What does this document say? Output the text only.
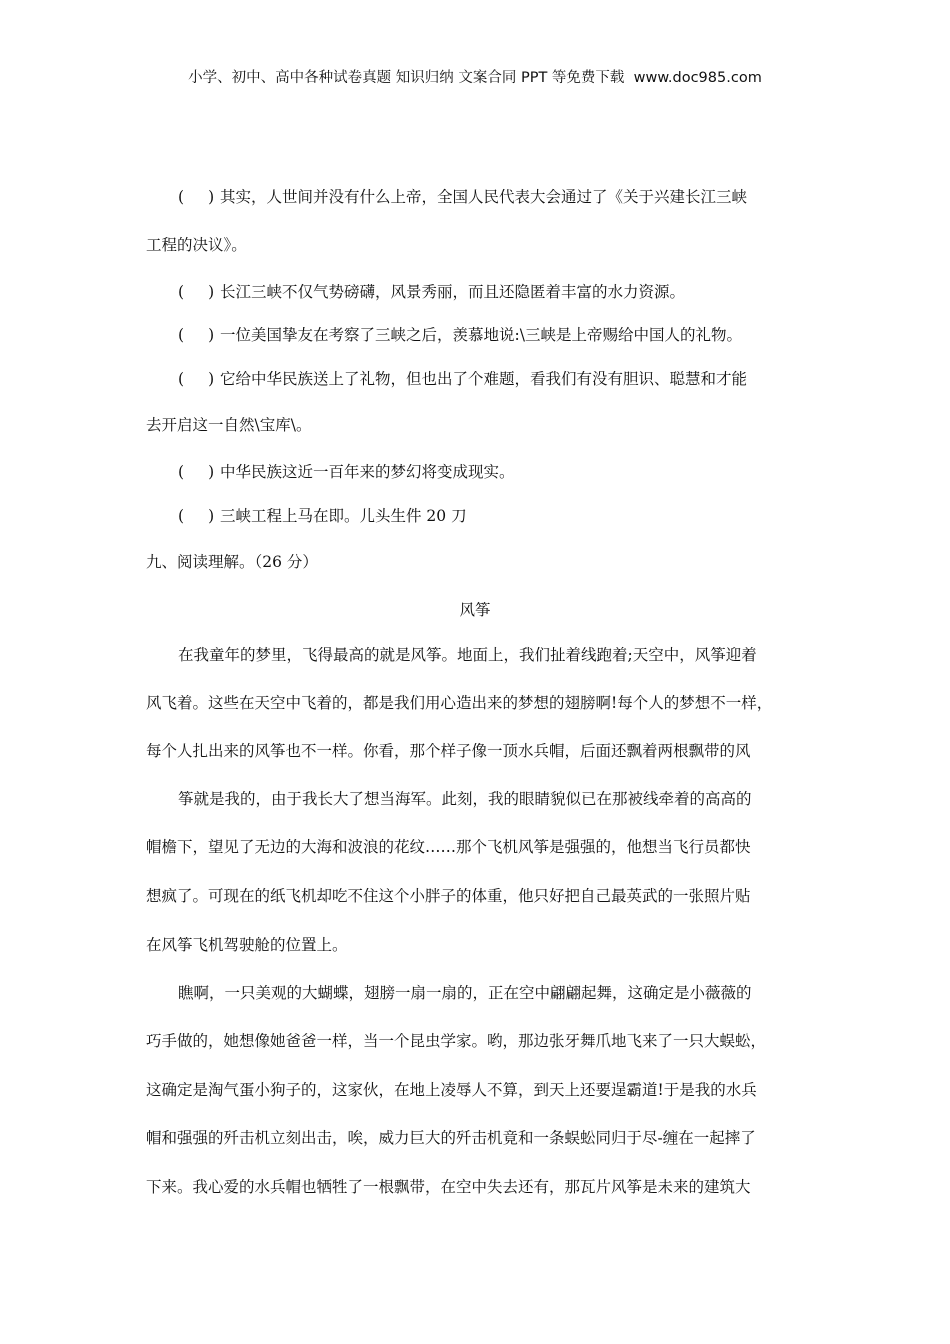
小学、初中、高中各种试卷真题 知识归纳 文案合同 PPT 等免费下载 www.doc985.com
( ) 其实，人世间并没有什么上帝，全国人民代表大会通过了《关于兴建长江三峡
工程的决议》。
( ) 长江三峡不仅气势磅礴，风景秀丽，而且还隐匿着丰富的水力资源。
( ) 一位美国挚友在考察了三峡之后，羡慕地说:\三峡是上帝赐给中国人的礼物。
( ) 它给中华民族送上了礼物，但也出了个难题，看我们有没有胆识、聪慧和才能
去开启这一自然\宝库\。
( ) 中华民族这近一百年来的梦幻将变成现实。
( ) 三峡工程上马在即。儿头生件 20 刀
九、阅读理解。（26 分）
风筝
在我童年的梦里，飞得最高的就是风筝。地面上，我们扯着线跑着;天空中，风筝迎着
风飞着。这些在天空中飞着的，都是我们用心造出来的梦想的翅膀啊!每个人的梦想不一样，
每个人扎出来的风筝也不一样。你看，那个样子像一顶水兵帽，后面还飘着两根飘带的风
筝就是我的，由于我长大了想当海军。此刻，我的眼睛貌似已在那被线牵着的高高的
帽檐下，望见了无边的大海和波浪的花纹……那个飞机风筝是强强的，他想当飞行员都快
想疯了。可现在的纸飞机却吃不住这个小胖子的体重，他只好把自己最英武的一张照片贴
在风筝飞机驾驶舱的位置上。
瞧啊，一只美观的大蝴蝶，翅膀一扇一扇的，正在空中翩翩起舞，这确定是小薇薇的
巧手做的，她想像她爸爸一样，当一个昆虫学家。哟，那边张牙舞爪地飞来了一只大蜈蚣，
这确定是淘气蛋小狗子的，这家伙，在地上凌辱人不算，到天上还要逞霸道!于是我的水兵
帽和强强的歼击机立刻出击，唉，威力巨大的歼击机竟和一条蜈蚣同归于尽-缠在一起摔了
下来。我心爱的水兵帽也牺牲了一根飘带，在空中失去还有，那瓦片风筝是未来的建筑大
